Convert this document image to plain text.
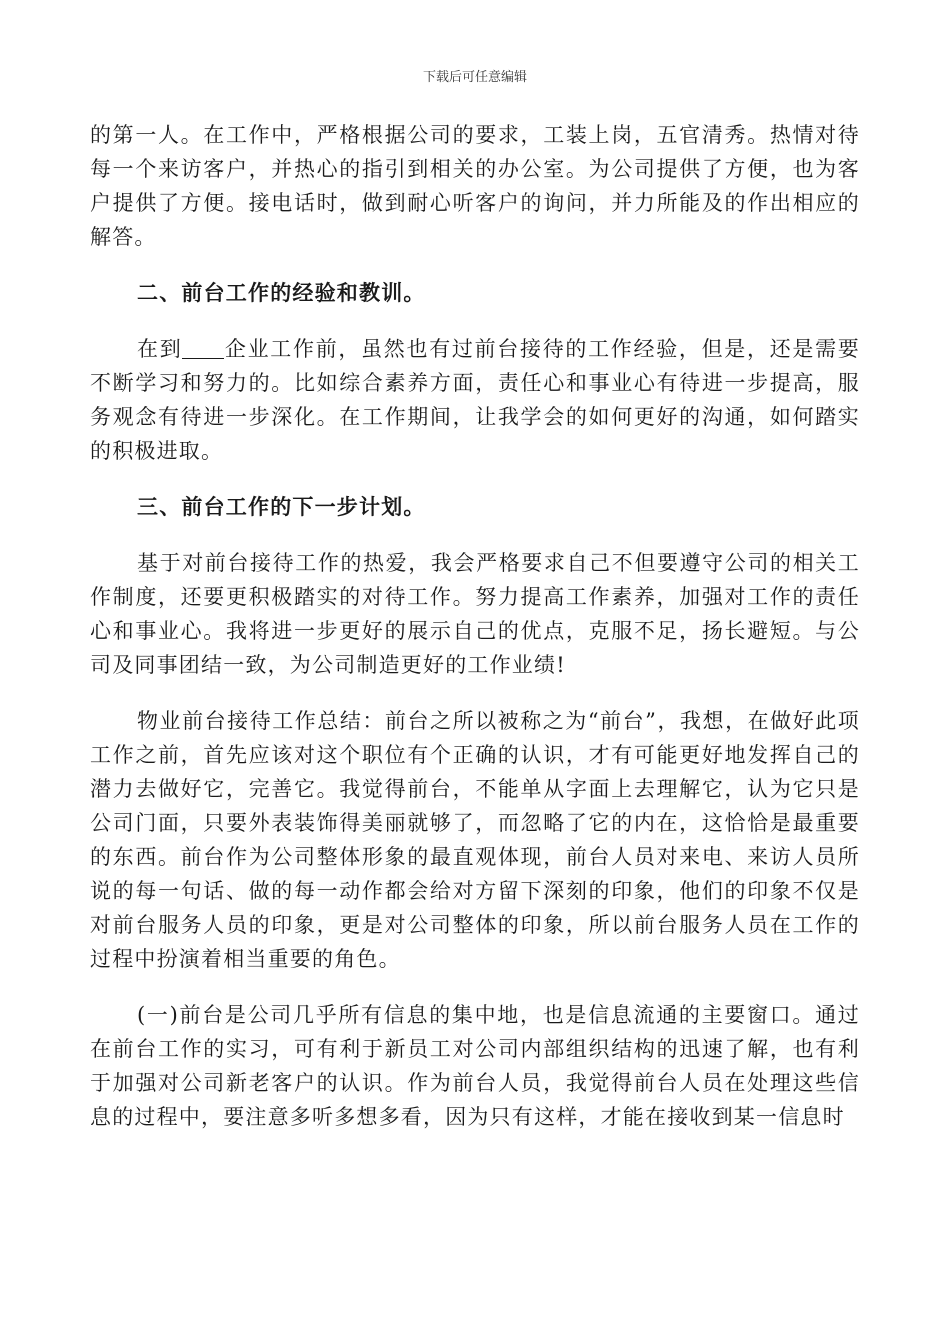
下载后可任意编辑

的第一人。在工作中，严格根据公司的要求，工装上岗，五官清秀。热情对待每一个来访客户，并热心的指引到相关的办公室。为公司提供了方便，也为客户提供了方便。接电话时，做到耐心听客户的询问，并力所能及的作出相应的解答。

二、前台工作的经验和教训。

在到 企业工作前，虽然也有过前台接待的工作经验，但是，还是需要不断学习和努力的。比如综合素养方面，责任心和事业心有待进一步提高，服务观念有待进一步深化。在工作期间，让我学会的如何更好的沟通，如何踏实的积极进取。

三、前台工作的下一步计划。

基于对前台接待工作的热爱，我会严格要求自己不但要遵守公司的相关工作制度，还要更积极踏实的对待工作。努力提高工作素养，加强对工作的责任心和事业心。我将进一步更好的展示自己的优点，克服不足，扬长避短。与公司及同事团结一致，为公司制造更好的工作业绩!

物业前台接待工作总结：前台之所以被称之为“前台”，我想，在做好此项工作之前，首先应该对这个职位有个正确的认识，才有可能更好地发挥自己的潜力去做好它，完善它。我觉得前台，不能单从字面上去理解它，认为它只是公司门面，只要外表装饰得美丽就够了，而忽略了它的内在，这恰恰是最重要的东西。前台作为公司整体形象的最直观体现，前台人员对来电、来访人员所说的每一句话、做的每一动作都会给对方留下深刻的印象，他们的印象不仅是对前台服务人员的印象，更是对公司整体的印象，所以前台服务人员在工作的过程中扮演着相当重要的角色。

(一)前台是公司几乎所有信息的集中地，也是信息流通的主要窗口。通过在前台工作的实习，可有利于新员工对公司内部组织结构的迅速了解，也有利于加强对公司新老客户的认识。作为前台人员，我觉得前台人员在处理这些信息的过程中，要注意多听多想多看，因为只有这样，才能在接收到某一信息时
